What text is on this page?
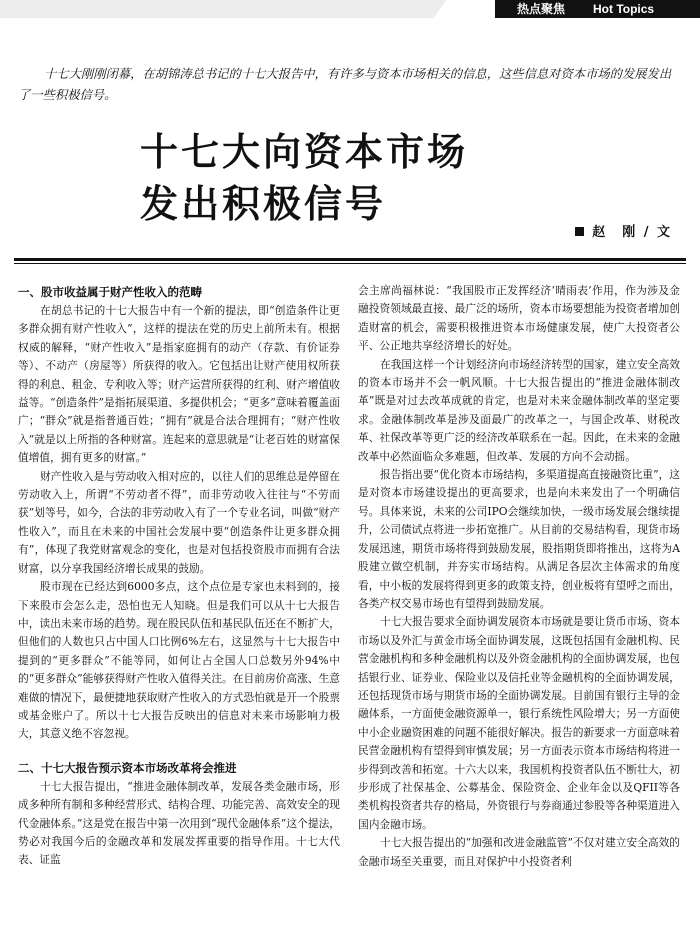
热点聚焦 Hot Topics

十七大刚刚闭幕，在胡锦涛总书记的十七大报告中，有许多与资本市场相关的信息，这些信息对资本市场的发展发出了一些积极信号。

十七大向资本市场
发出积极信号
赵　刚 / 文
一、股市收益属于财产性收入的范畴

在胡总书记的十七大报告中有一个新的提法，即“创造条件让更多群众拥有财产性收入”，这样的提法在党的历史上前所未有。根据权威的解释，“财产性收入”是指家庭拥有的动产（存款、有价证券等）、不动产（房屋等）所获得的收入。它包括出让财产使用权所获得的利息、租金、专利收入等；财产运营所获得的红利、财产增值收益等。“创造条件”是指拓展渠道、多提供机会；“更多”意味着覆盖面广；“群众”就是指普通百姓；“拥有”就是合法合理拥有；“财产性收入”就是以上所指的各种财富。连起来的意思就是“让老百姓的财富保值增值，拥有更多的财富。”

财产性收入是与劳动收入相对应的，以往人们的思维总是停留在劳动收入上，所谓“不劳动者不得”，而非劳动收入往往与“不劳而获”划等号，如今，合法的非劳动收入有了一个专业名词，叫做“财产性收入”，而且在未来的中国社会发展中要“创造条件让更多群众拥有”，体现了我党财富观念的变化，也是对包括投资股市而拥有合法财富，以分享我国经济增长成果的鼓励。

股市现在已经达到6000多点，这个点位是专家也未料到的，接下来股市会怎么走，恐怕也无人知晓。但是我们可以从十七大报告中，读出未来市场的趋势。现在股民队伍和基民队伍还在不断扩大，但他们的人数也只占中国人口比例6%左右，这显然与十七大报告中提到的“更多群众”不能等同，如何让占全国人口总数另外94%中的“更多群众”能够获得财产性收入值得关注。在目前房价高涨、生意难做的情况下，最便捷地获取财产性收入的方式恐怕就是开一个股票或基金账户了。所以十七大报告反映出的信息对未来市场影响力极大，其意义绝不容忽视。

二、十七大报告预示资本市场改革将会推进

十七大报告提出，“推进金融体制改革，发展各类金融市场，形成多种所有制和多种经营形式、结构合理、功能完善、高效安全的现代金融体系。”这是党在报告中第一次用到“现代金融体系”这个提法，势必对我国今后的金融改革和发展发挥重要的指导作用。十七大代表、证监

会主席尚福林说：“我国股市正发挥经济‘晴雨表’作用，作为涉及金融投资领域最直接、最广泛的场所，资本市场要想能为投资者增加创造财富的机会，需要积极推进资本市场健康发展，使广大投资者公平、公正地共享经济增长的好处。

在我国这样一个计划经济向市场经济转型的国家，建立安全高效的资本市场并不会一帆风顺。十七大报告提出的“推进金融体制改革”既是对过去改革成就的肯定，也是对未来金融体制改革的坚定要求。金融体制改革是涉及面最广的改革之一，与国企改革、财税改革、社保改革等更广泛的经济改革联系在一起。因此，在未来的金融改革中必然面临众多难题，但改革、发展的方向不会动摇。

报告指出要“优化资本市场结构，多渠道提高直接融资比重”，这是对资本市场建设提出的更高要求，也是向未来发出了一个明确信号。具体来说，未来的公司IPO会继续加快，一级市场发展会继续提升，公司债试点将进一步拓宽推广。从目前的交易结构看，现货市场发展迅速，期货市场将得到鼓励发展，股指期货即将推出，这将为A股建立做空机制，并夯实市场结构。从满足各层次主体需求的角度看，中小板的发展将得到更多的政策支持，创业板将有望呼之而出，各类产权交易市场也有望得到鼓励发展。

十七大报告要求全面协调发展资本市场就是要让货币市场、资本市场以及外汇与黄金市场全面协调发展，这既包括国有金融机构、民营金融机构和多种金融机构以及外资金融机构的全面协调发展，也包括银行业、证券业、保险业以及信托业等金融机构的全面协调发展，还包括现货市场与期货市场的全面协调发展。目前国有银行主导的金融体系，一方面使金融资源单一，银行系统性风险增大；另一方面使中小企业融资困难的问题不能很好解决。报告的新要求一方面意味着民营金融机构有望得到审慎发展；另一方面表示资本市场结构将进一步得到改善和拓宽。十六大以来，我国机构投资者队伍不断壮大，初步形成了社保基金、公募基金、保险资金、企业年金以及QFII等各类机构投资者共存的格局，外资银行与券商通过参股等各种渠道进入国内金融市场。

十七大报告提出的“加强和改进金融监管”不仅对建立安全高效的金融市场至关重要，而且对保护中小投资者利
